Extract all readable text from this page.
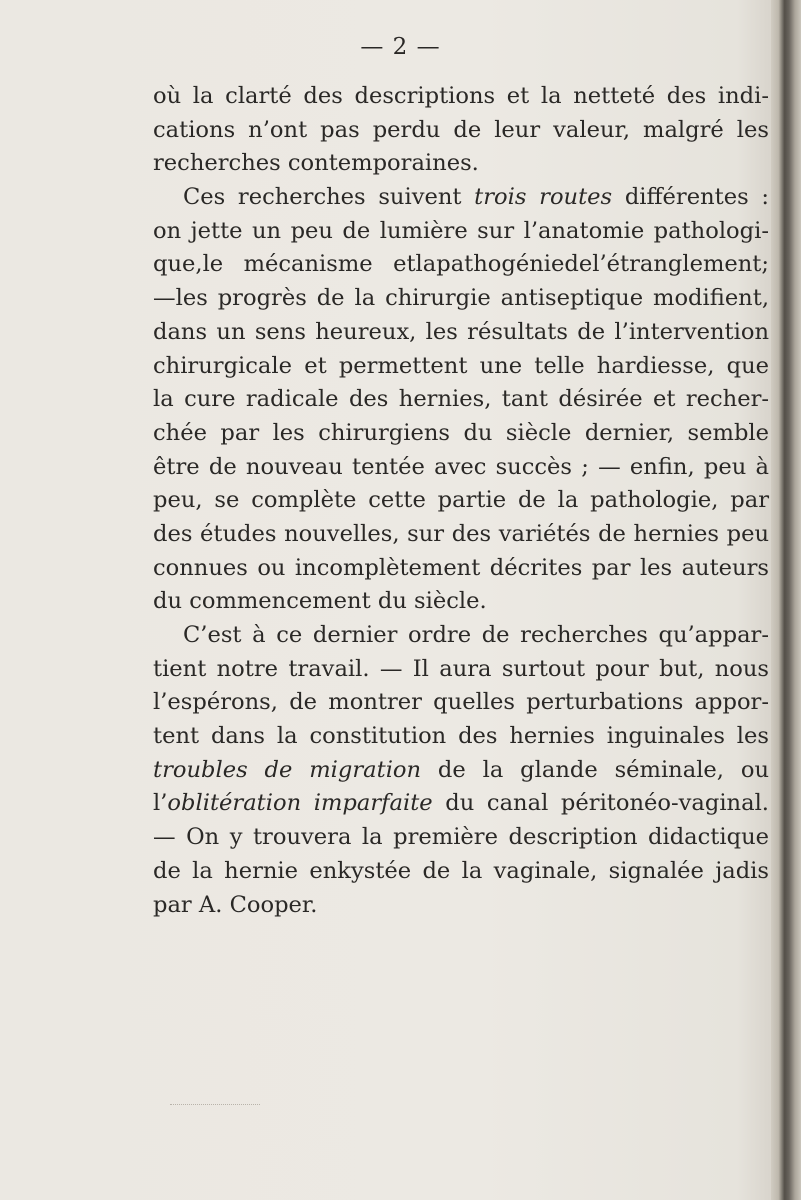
— 2 —
où la clarté des descriptions et la netteté des indi-
cations n’ont pas perdu de leur valeur, malgré les
recherches contemporaines.
Ces recherches suivent trois routes différentes :
on jette un peu de lumière sur l’anatomie pathologi-
que,le mécanisme etlapathogéniedel’étranglement;
—les progrès de la chirurgie antiseptique modifient,
dans un sens heureux, les résultats de l’intervention
chirurgicale et permettent une telle hardiesse, que
la cure radicale des hernies, tant désirée et recher-
chée par les chirurgiens du siècle dernier, semble
être de nouveau tentée avec succès ; — enfin, peu à
peu, se complète cette partie de la pathologie, par
des études nouvelles, sur des variétés de hernies peu
connues ou incomplètement décrites par les auteurs
du commencement du siècle.
C’est à ce dernier ordre de recherches qu’appar-
tient notre travail. — Il aura surtout pour but, nous
l’espérons, de montrer quelles perturbations appor-
tent dans la constitution des hernies inguinales les
troubles de migration de la glande séminale, ou
l’oblitération imparfaite du canal péritonéo-vaginal.
— On y trouvera la première description didactique
de la hernie enkystée de la vaginale, signalée jadis
par A. Cooper.
